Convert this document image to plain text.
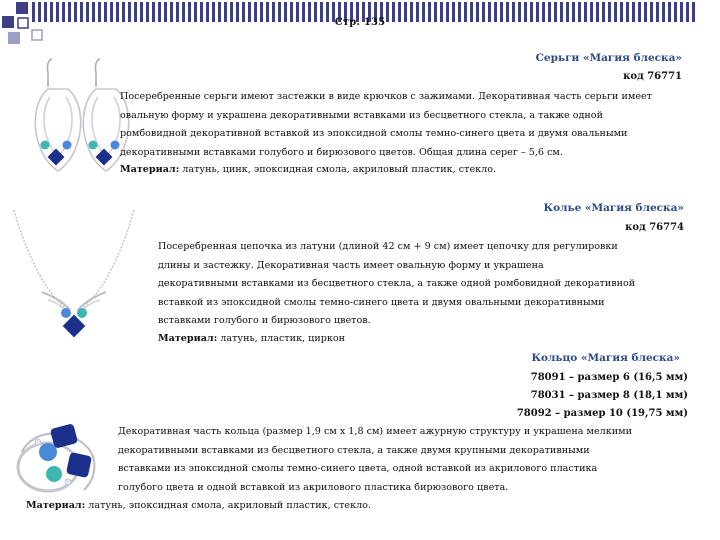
Стр. 135
Серьги «Магия блеска»
код 76771
Посеребренные серьги имеют застежки в виде крючков с зажимами. Декоративная часть серьги имеет
овальную форму и украшена декоративными вставками из бесцветного стекла, а также одной
ромбовидной декоративной вставкой из эпоксидной смолы темно-синего цвета и двумя овальными
декоративными вставками голубого и бирюзового цветов. Общая длина серег – 5,6 см.
Материал: латунь, цинк, эпоксидная смола, акриловый пластик, стекло.
Колье «Магия блеска»
код 76774
Посеребренная цепочка из латуни (длиной 42 см + 9 см) имеет цепочку для регулировки
длины и застежку. Декоративная часть имеет овальную форму и украшена
декоративными вставками из бесцветного стекла, а также одной ромбовидной декоративной
вставкой из эпоксидной смолы темно-синего цвета и двумя овальными декоративными
вставками голубого и бирюзового цветов.
Материал: латунь, пластик, циркон
Кольцо «Магия блеска»
78091 – размер 6 (16,5 мм)
78031 – размер 8 (18,1 мм)
78092 – размер 10 (19,75 мм)
Декоративная часть кольца (размер 1,9 см х 1,8 см) имеет ажурную структуру и украшена мелкими
декоративными вставками из бесцветного стекла, а также двумя крупными декоративными
вставками из эпоксидной смолы темно-синего цвета, одной вставкой из акрилового пластика
голубого цвета и одной вставкой из акрилового пластика бирюзового цвета.
Материал: латунь, эпоксидная смола, акриловый пластик, стекло.
